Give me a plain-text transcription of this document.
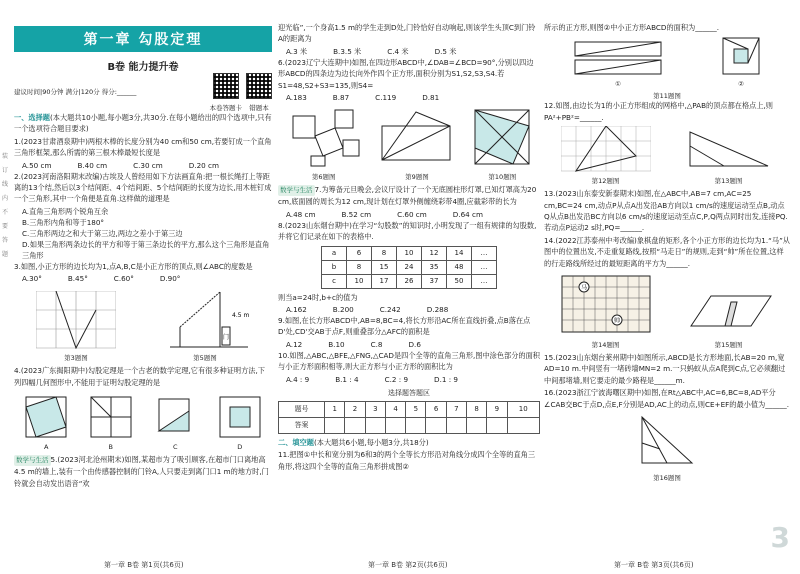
装
订
线
内
不
要
答
题
第一章 勾股定理
B卷 能力提升卷
建议时间|90分钟 满分|120分 得分:______
本卷答题卡	错题本

一、选择题(本大题共10小题,每小题3分,共30分.在每小题给出的四个选项中,只有一个选项符合题目要求)

1.(2023甘肃酒泉期中)两根木棒的长度分别为40 cm和50 cm,若要钉成一个直角三角形框架,那么所需的第三根木棒最短长度是

A.50 cm	B.40 cm	C.30 cm	D.20 cm

2.(2023河南洛阳期末改编)古埃及人曾经用如下方法画直角:把一根长绳打上等距离的13个结,然后以3个结间距、4个结间距、5个结间距的长度为边长,用木桩钉成一个三角形,其中一个角便是直角.这样做的道理是

A.直角三角形两个锐角互余
B.三角形内角和等于180°
C.三角形两边之和大于第三边,两边之差小于第三边
D.如果三角形两条边长的平方和等于第三条边长的平方,那么这个三角形是直角三角形

3.如图,小正方形的边长均为1,点A,B,C是小正方形的顶点,则∠ABC的度数是

A.30°	B.45°	C.60°	D.90°
第3题图
门
4.5 m
第5题图

4.(2023广东揭阳期中)勾股定理是一个古老的数学定理,它有很多种证明方法,下列四幅几何图形中,不能用于证明勾股定理的是

A	B	C	D

数学与生活 5.(2023河北沧州期末)如图,某超市为了吸引顾客,在超市门口离地高4.5 m的墙上,装有一个由传感器控制的门铃A,人只要走到离门口1 m的地方时,门铃就会自动发出语音“欢

第一章 B卷 第1页(共6页)

迎光临”,一个身高1.5 m的学生走到D处,门铃恰好自动响起,则该学生头顶C到门铃A的距离为

A.3 米	B.3.5 米	C.4 米	D.5 米

6.(2023辽宁大连期中)如图,在四边形ABCD中,∠DAB=∠BCD=90°,分别以四边形ABCD的四条边为边长向外作四个正方形,面积分别为S1,S2,S3,S4.若S1=48,S2+S3=135,则S4=

A.183	B.87	C.119	D.81
第6题图	第9题图	第10题图

数学与生活 7.为筹备元旦晚会,会议厅设计了一个无底圆柱形灯罩,已知灯罩高为20 cm,底面圆的周长为12 cm,现计划在灯罩外侧缠绕彩带4圈,应截彩带的长为

A.48 cm	B.52 cm	C.60 cm	D.64 cm

8.(2023山东烟台期中)在学习“勾股数”的知识时,小明发现了一组有规律的勾股数,并将它们记录在如下的表格中.

a	6	8	10	12	14	…
b	8	15	24	35	48	…
c	10	17	26	37	50	…

则当a=24时,b+c的值为

A.162	B.200	C.242	D.288

9.如图,在长方形ABCD中,AB=8,BC=4,将长方形沿AC所在直线折叠,点B落在点D'处,CD'交AB于点F,则重叠部分△AFC的面积是

A.12	B.10	C.8	D.6

10.如图,△ABC,△BFE,△FNG,△CAD是四个全等的直角三角形,图中涂色部分的面积与小正方形面积相等,则大正方形与小正方形的面积比为

A.4 : 9	B.1 : 4	C.2 : 9	D.1 : 9
选择题答题区
题号	1	2	3	4	5	6	7	8	9	10
答案										

二、填空题(本大题共6小题,每小题3分,共18分)

11.把图①中长和宽分别为6和3的两个全等长方形沿对角线分成四个全等的直角三角形,将这四个全等的直角三角形拼成图②

第一章 B卷 第2页(共6页)

所示的正方形,则图②中小正方形ABCD的面积为______.

①	②
第11题图

12.如图,由边长为1的小正方形组成的网格中,△PAB的顶点都在格点上,则PA²+PB²=______.

第12题图	第13题图

13.(2023山东泰安新泰期末)如图,在△ABC中,AB=7 cm,AC=25 cm,BC=24 cm,动点P从点A出发沿AB方向以1 cm/s的速度运动至点B,动点Q从点B出发沿BC方向以6 cm/s的速度运动至点C,P,Q两点同时出发,连接PQ.若动点P运动2 s时,PQ=______.

14.(2022江苏泰州中考改编)象棋盘的矩形,各个小正方形的边长均为1.“马”从图中的位置出发,不走重复路线,按照“马走日”的规则,走到“帅”所在位置,这样的行走路线所经过的最短距离的平方为______.

马
帅
第14题图	第15题图

15.(2023山东烟台莱州期中)如图所示,ABCD是长方形地面,长AB=20 m,宽AD=10 m.中间竖有一堵砖墙MN=2 m.一只蚂蚁从点A爬到C点,它必须翻过中间那堵墙,则它要走的最少路程是______m.

16.(2023浙江宁波海曙区期中)如图,在Rt△ABC中,AC=6,BC=8,AD平分∠CAB交BC于点D,点E,F分别是AD,AC上的动点,则CE+EF的最小值为______.

第16题图
第一章 B卷 第3页(共6页)
3
